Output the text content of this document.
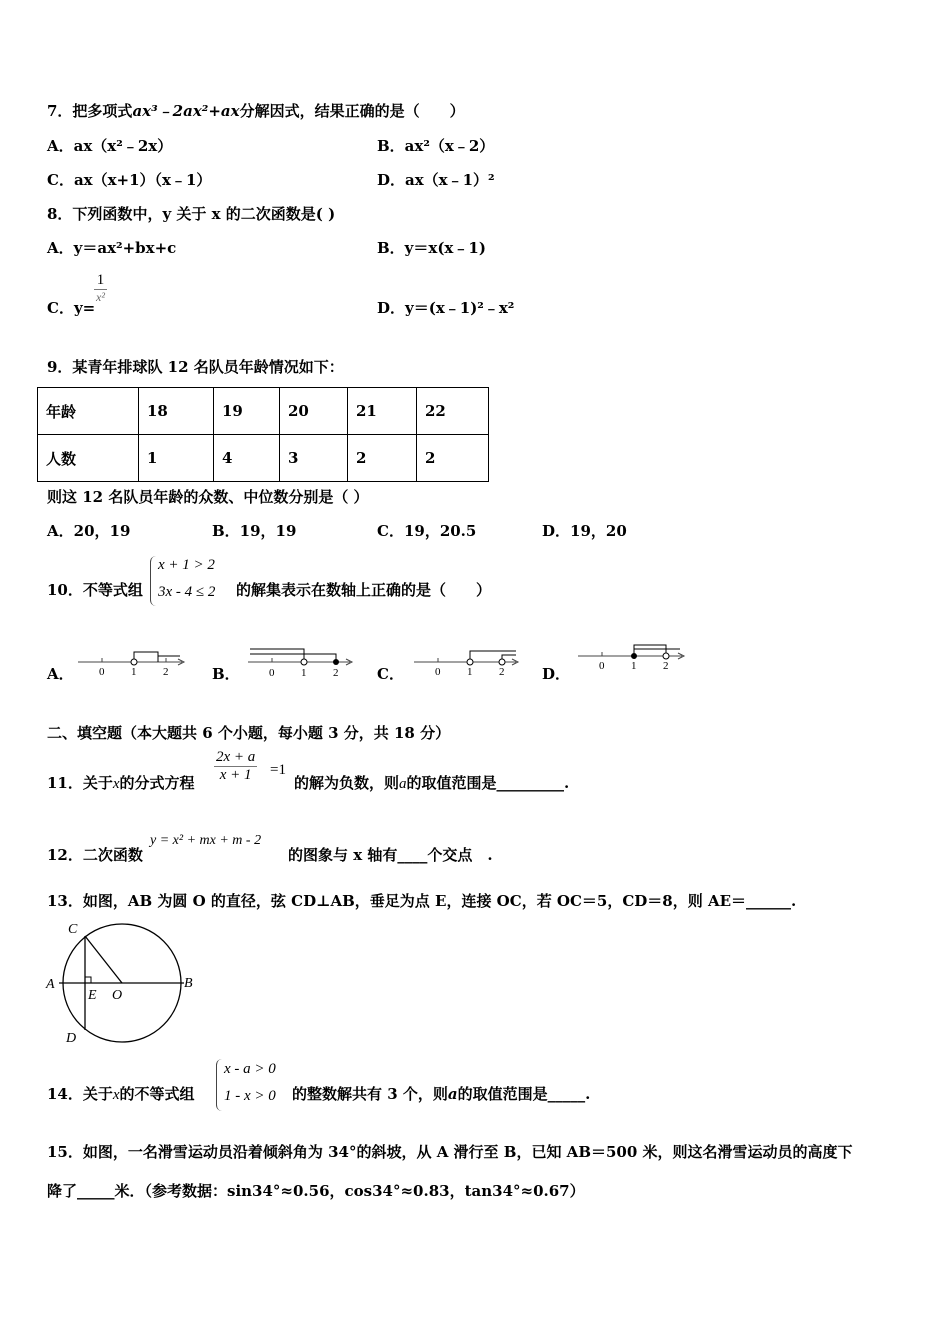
7．把多项式ax³﹣2ax²+ax分解因式，结果正确的是（　　）
A．ax（x²﹣2x）	B．ax²（x﹣2）
C．ax（x+1）（x﹣1）	D．ax（x﹣1）²
8．下列函数中，y 关于 x 的二次函数是( )
A．y＝ax²+bx+c	B．y＝x(x﹣1)
C．y=
1
x²
D．y＝(x﹣1)²﹣x²
9．某青年排球队 12 名队员年龄情况如下：
年龄	18	19	20	21	22
人数	1	4	3	2	2
则这 12 名队员年龄的众数、中位数分别是（ ）
A．20，19	B．19，19	C．19，20.5	D．19，20
10．不等式组
x + 1 > 2
3x - 4 ≤ 2 的解集表示在数轴上正确的是（　　）
A． 0 1 2	B．	0 1 2	C．	0 1 2	D．	0 1 2
二、填空题（本大题共 6 个小题，每小题 3 分，共 18 分）
11．关于x的分式方程 $\frac{2x + a}{x + 1} =1$
的解为负数，则a的取值范围是_________.
12．二次函数
y = x² + mx + m - 2
的图象与 x 轴有____个交点　.
13．如图，AB 为圆 O 的直径，弦 CD⊥AB，垂足为点 E，连接 OC，若 OC＝5，CD＝8，则 AE＝______.
C
A
E O
B
D
14．关于x的不等式组
x - a > 0
1 - x > 0 的整数解共有 3 个，则a的取值范围是_____.
15．如图，一名滑雪运动员沿着倾斜角为 34°的斜坡，从 A 滑行至 B，已知 AB＝500 米，则这名滑雪运动员的高度下
降了_____米．（参考数据：sin34°≈0.56，cos34°≈0.83，tan34°≈0.67）
